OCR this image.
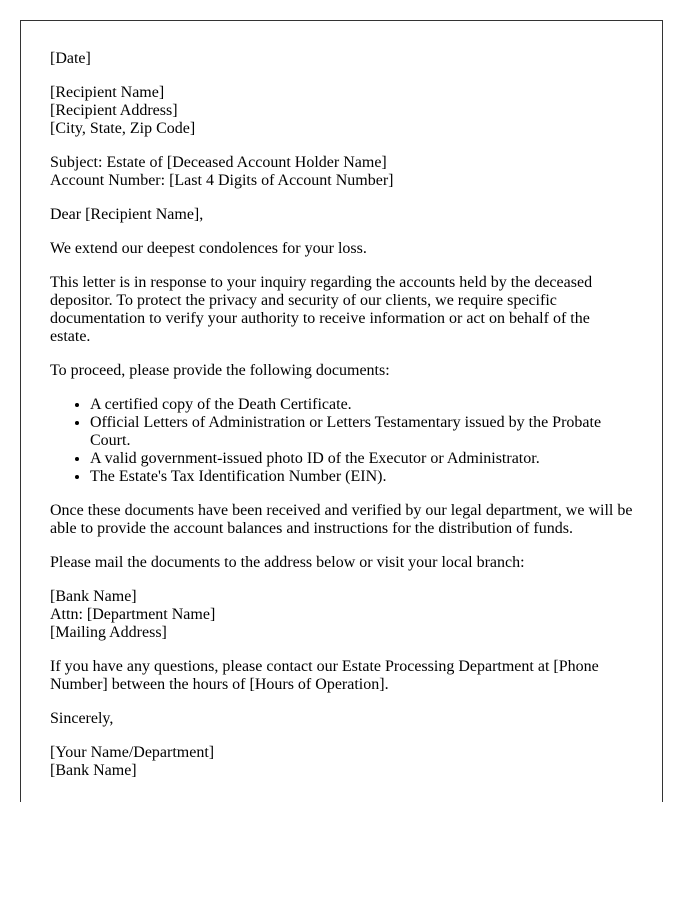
[Date]

[Recipient Name]
[Recipient Address]
[City, State, Zip Code]

Subject: Estate of [Deceased Account Holder Name]
Account Number: [Last 4 Digits of Account Number]

Dear [Recipient Name],

We extend our deepest condolences for your loss.

This letter is in response to your inquiry regarding the accounts held by the deceased depositor. To protect the privacy and security of our clients, we require specific documentation to verify your authority to receive information or act on behalf of the estate.

To proceed, please provide the following documents:

• A certified copy of the Death Certificate.
• Official Letters of Administration or Letters Testamentary issued by the Probate Court.
• A valid government-issued photo ID of the Executor or Administrator.
• The Estate's Tax Identification Number (EIN).

Once these documents have been received and verified by our legal department, we will be able to provide the account balances and instructions for the distribution of funds.

Please mail the documents to the address below or visit your local branch:

[Bank Name]
Attn: [Department Name]
[Mailing Address]

If you have any questions, please contact our Estate Processing Department at [Phone Number] between the hours of [Hours of Operation].

Sincerely,

[Your Name/Department]
[Bank Name]
